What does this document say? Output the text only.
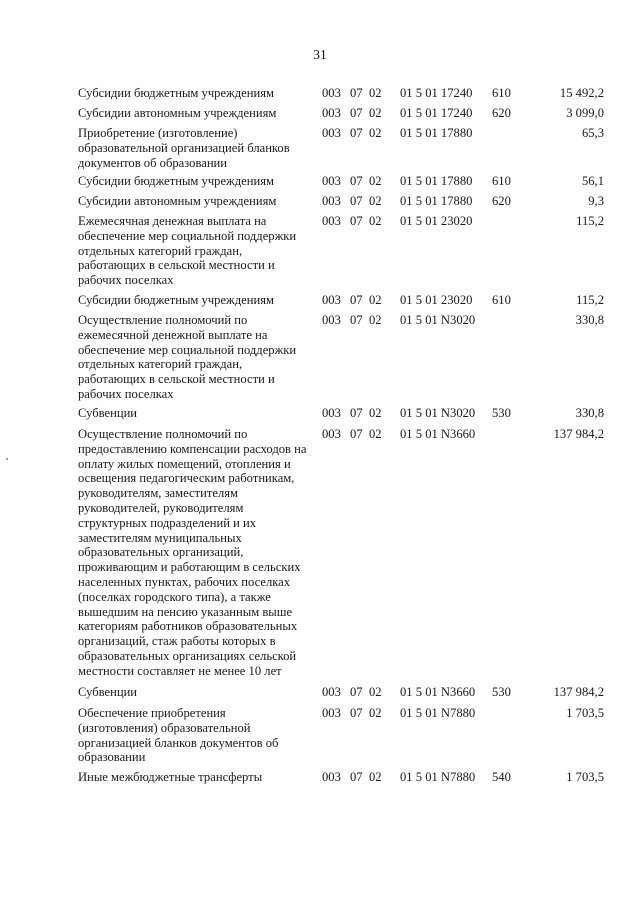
31
Субсидии бюджетным учреждениям	003	07	02	01 5 01 17240	610	15 492,2
Субсидии автономным учреждениям	003	07	02	01 5 01 17240	620	3 099,0
Приобретение (изготовление) образовательной организацией бланков документов об образовании	003	07	02	01 5 01 17880		65,3
Субсидии бюджетным учреждениям	003	07	02	01 5 01 17880	610	56,1
Субсидии автономным учреждениям	003	07	02	01 5 01 17880	620	9,3
Ежемесячная денежная выплата на обеспечение мер социальной поддержки отдельных категорий граждан, работающих в сельской местности и рабочих поселках	003	07	02	01 5 01 23020		115,2
Субсидии бюджетным учреждениям	003	07	02	01 5 01 23020	610	115,2
Осуществление полномочий по ежемесячной денежной выплате на обеспечение мер социальной поддержки отдельных категорий граждан, работающих в сельской местности и рабочих поселках	003	07	02	01 5 01 N3020		330,8
Субвенции	003	07	02	01 5 01 N3020	530	330,8
Осуществление полномочий по предоставлению компенсации расходов на оплату жилых помещений, отопления и освещения педагогическим работникам, руководителям, заместителям руководителей, руководителям структурных подразделений и их заместителям муниципальных образовательных организаций, проживающим и работающим в сельских населенных пунктах, рабочих поселках (поселках городского типа), а также вышедшим на пенсию указанным выше категориям работников образовательных организаций, стаж работы которых в образовательных организациях сельской местности составляет не менее 10 лет	003	07	02	01 5 01 N3660		137 984,2
Субвенции	003	07	02	01 5 01 N3660	530	137 984,2
Обеспечение приобретения (изготовления) образовательной организацией бланков документов об образовании	003	07	02	01 5 01 N7880		1 703,5
Иные межбюджетные трансферты	003	07	02	01 5 01 N7880	540	1 703,5
